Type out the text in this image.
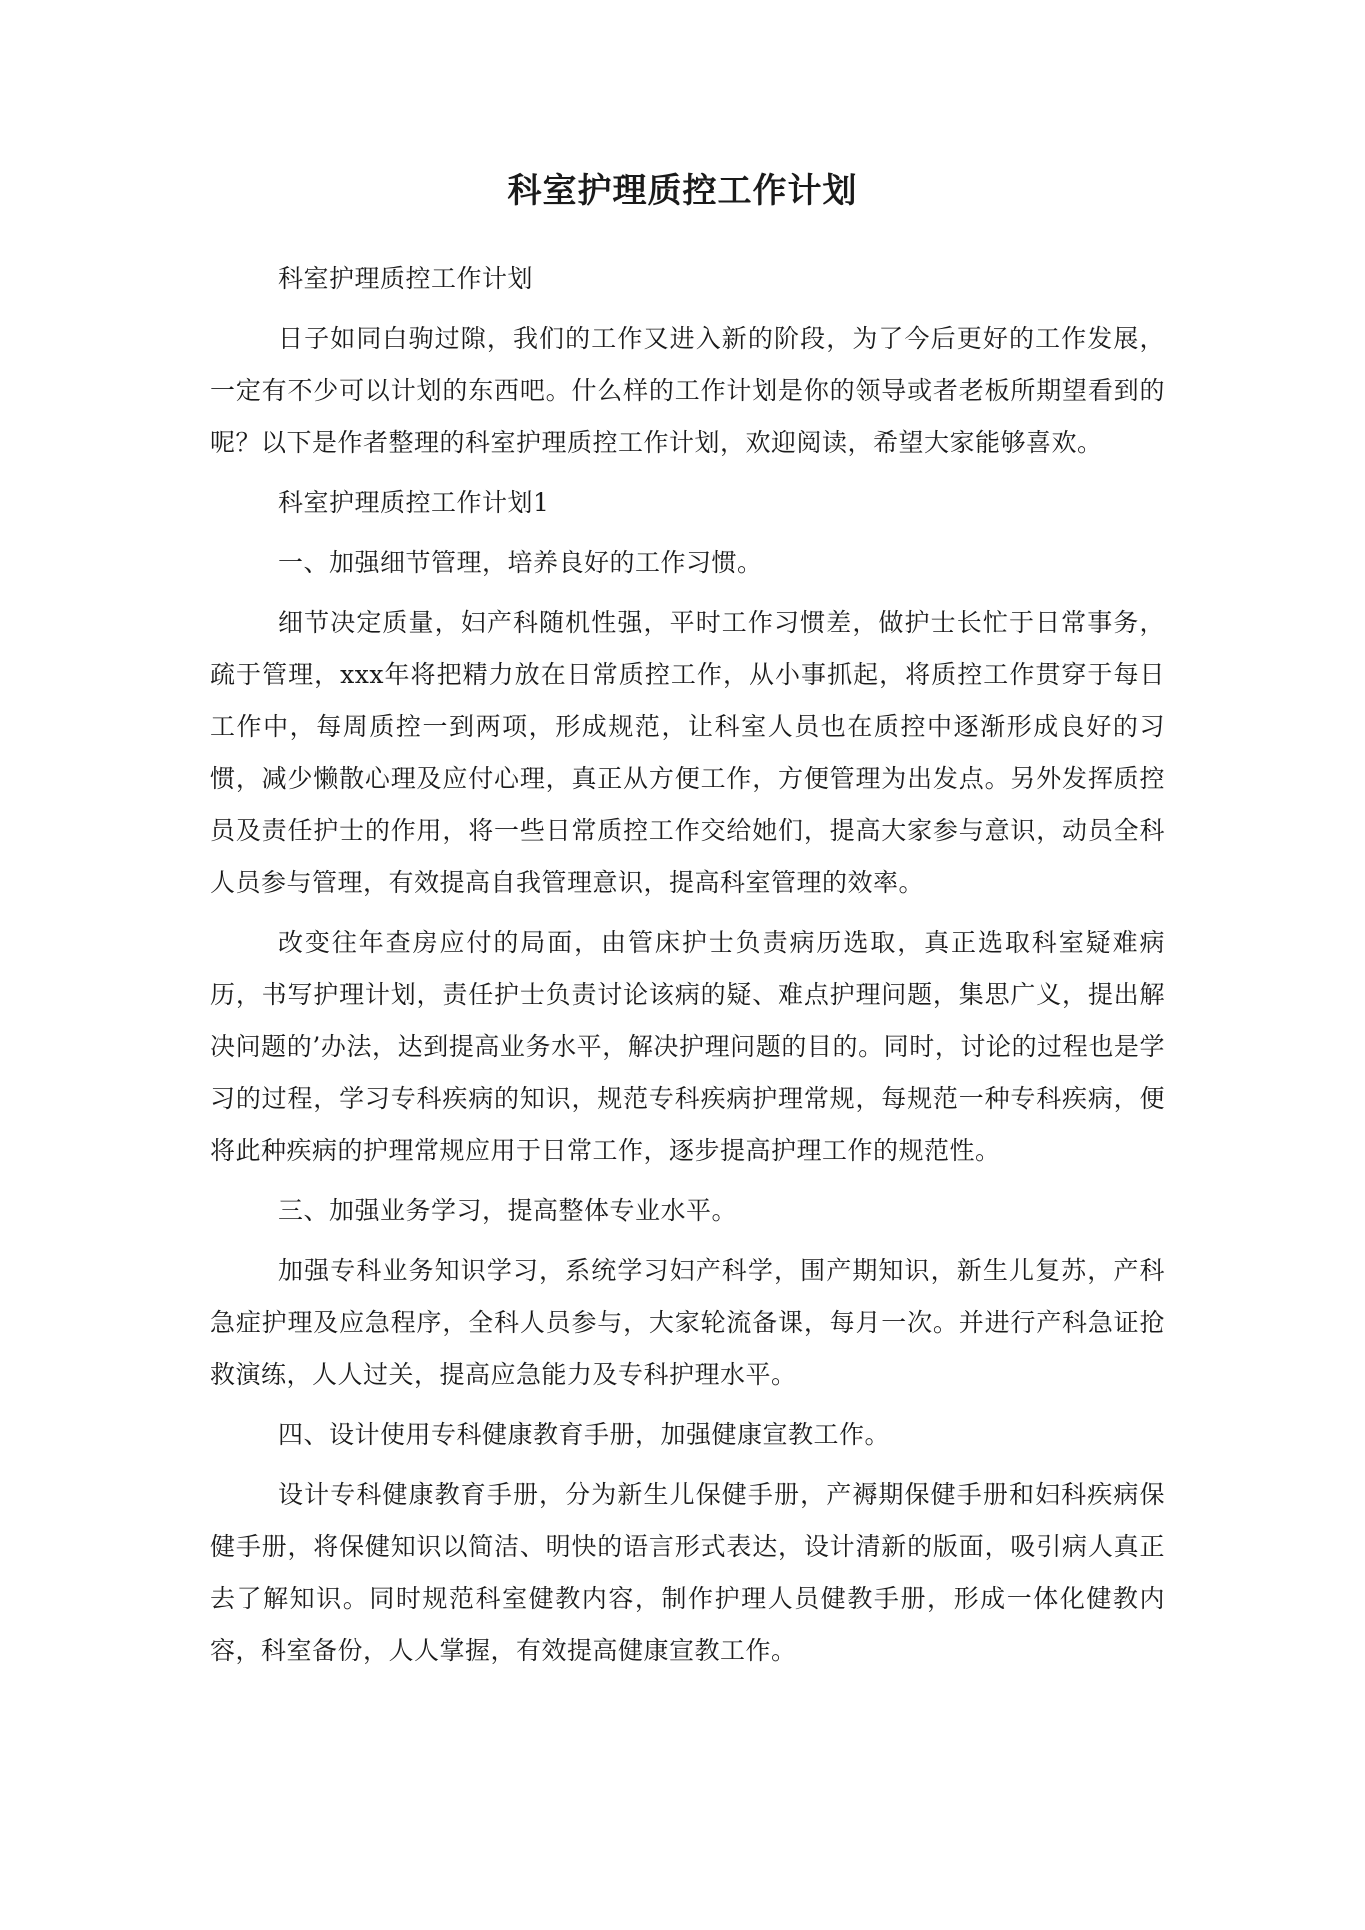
科室护理质控工作计划

科室护理质控工作计划

日子如同白驹过隙，我们的工作又进入新的阶段，为了今后更好的工作发展，一定有不少可以计划的东西吧。什么样的工作计划是你的领导或者老板所期望看到的呢？以下是作者整理的科室护理质控工作计划，欢迎阅读，希望大家能够喜欢。

科室护理质控工作计划1

一、加强细节管理，培养良好的工作习惯。

细节决定质量，妇产科随机性强，平时工作习惯差，做护士长忙于日常事务，疏于管理，xxx年将把精力放在日常质控工作，从小事抓起，将质控工作贯穿于每日工作中，每周质控一到两项，形成规范，让科室人员也在质控中逐渐形成良好的习惯，减少懒散心理及应付心理，真正从方便工作，方便管理为出发点。另外发挥质控员及责任护士的作用，将一些日常质控工作交给她们，提高大家参与意识，动员全科人员参与管理，有效提高自我管理意识，提高科室管理的效率。

改变往年查房应付的局面，由管床护士负责病历选取，真正选取科室疑难病历，书写护理计划，责任护士负责讨论该病的疑、难点护理问题，集思广义，提出解决问题的’办法，达到提高业务水平，解决护理问题的目的。同时，讨论的过程也是学习的过程，学习专科疾病的知识，规范专科疾病护理常规，每规范一种专科疾病，便将此种疾病的护理常规应用于日常工作，逐步提高护理工作的规范性。

三、加强业务学习，提高整体专业水平。

加强专科业务知识学习，系统学习妇产科学，围产期知识，新生儿复苏，产科急症护理及应急程序，全科人员参与，大家轮流备课，每月一次。并进行产科急证抢救演练，人人过关，提高应急能力及专科护理水平。

四、设计使用专科健康教育手册，加强健康宣教工作。

设计专科健康教育手册，分为新生儿保健手册，产褥期保健手册和妇科疾病保健手册，将保健知识以简洁、明快的语言形式表达，设计清新的版面，吸引病人真正去了解知识。同时规范科室健教内容，制作护理人员健教手册，形成一体化健教内容，科室备份，人人掌握，有效提高健康宣教工作。
